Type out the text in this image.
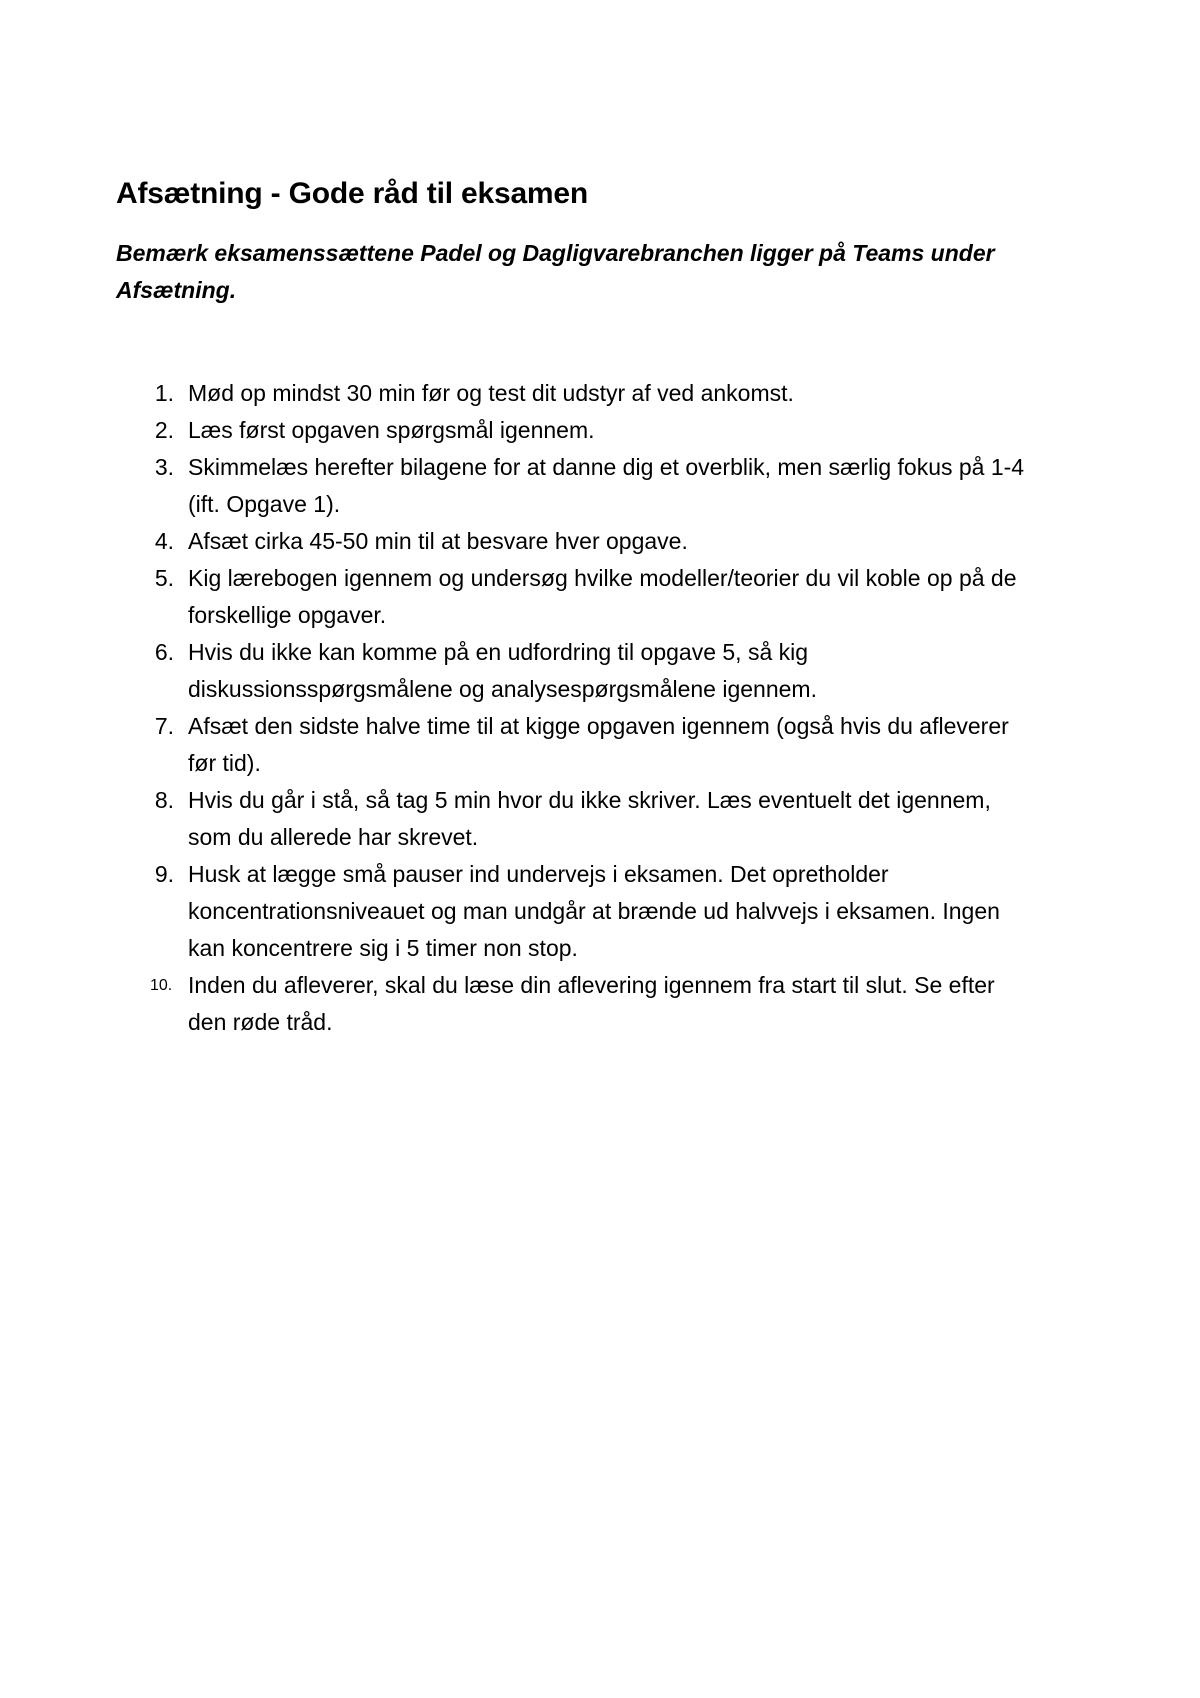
Afsætning - Gode råd til eksamen

Bemærk eksamenssættene Padel og Dagligvarebranchen ligger på Teams under Afsætning.

1. Mød op mindst 30 min før og test dit udstyr af ved ankomst.
2. Læs først opgaven spørgsmål igennem.
3. Skimmelæs herefter bilagene for at danne dig et overblik, men særlig fokus på 1-4 (ift. Opgave 1).
4. Afsæt cirka 45-50 min til at besvare hver opgave.
5. Kig lærebogen igennem og undersøg hvilke modeller/teorier du vil koble op på de forskellige opgaver.
6. Hvis du ikke kan komme på en udfordring til opgave 5, så kig diskussionsspørgsmålene og analysespørgsmålene igennem.
7. Afsæt den sidste halve time til at kigge opgaven igennem (også hvis du afleverer før tid).
8. Hvis du går i stå, så tag 5 min hvor du ikke skriver. Læs eventuelt det igennem, som du allerede har skrevet.
9. Husk at lægge små pauser ind undervejs i eksamen. Det opretholder koncentrationsniveauet og man undgår at brænde ud halvvejs i eksamen. Ingen kan koncentrere sig i 5 timer non stop.
10. Inden du afleverer, skal du læse din aflevering igennem fra start til slut. Se efter den røde tråd.
